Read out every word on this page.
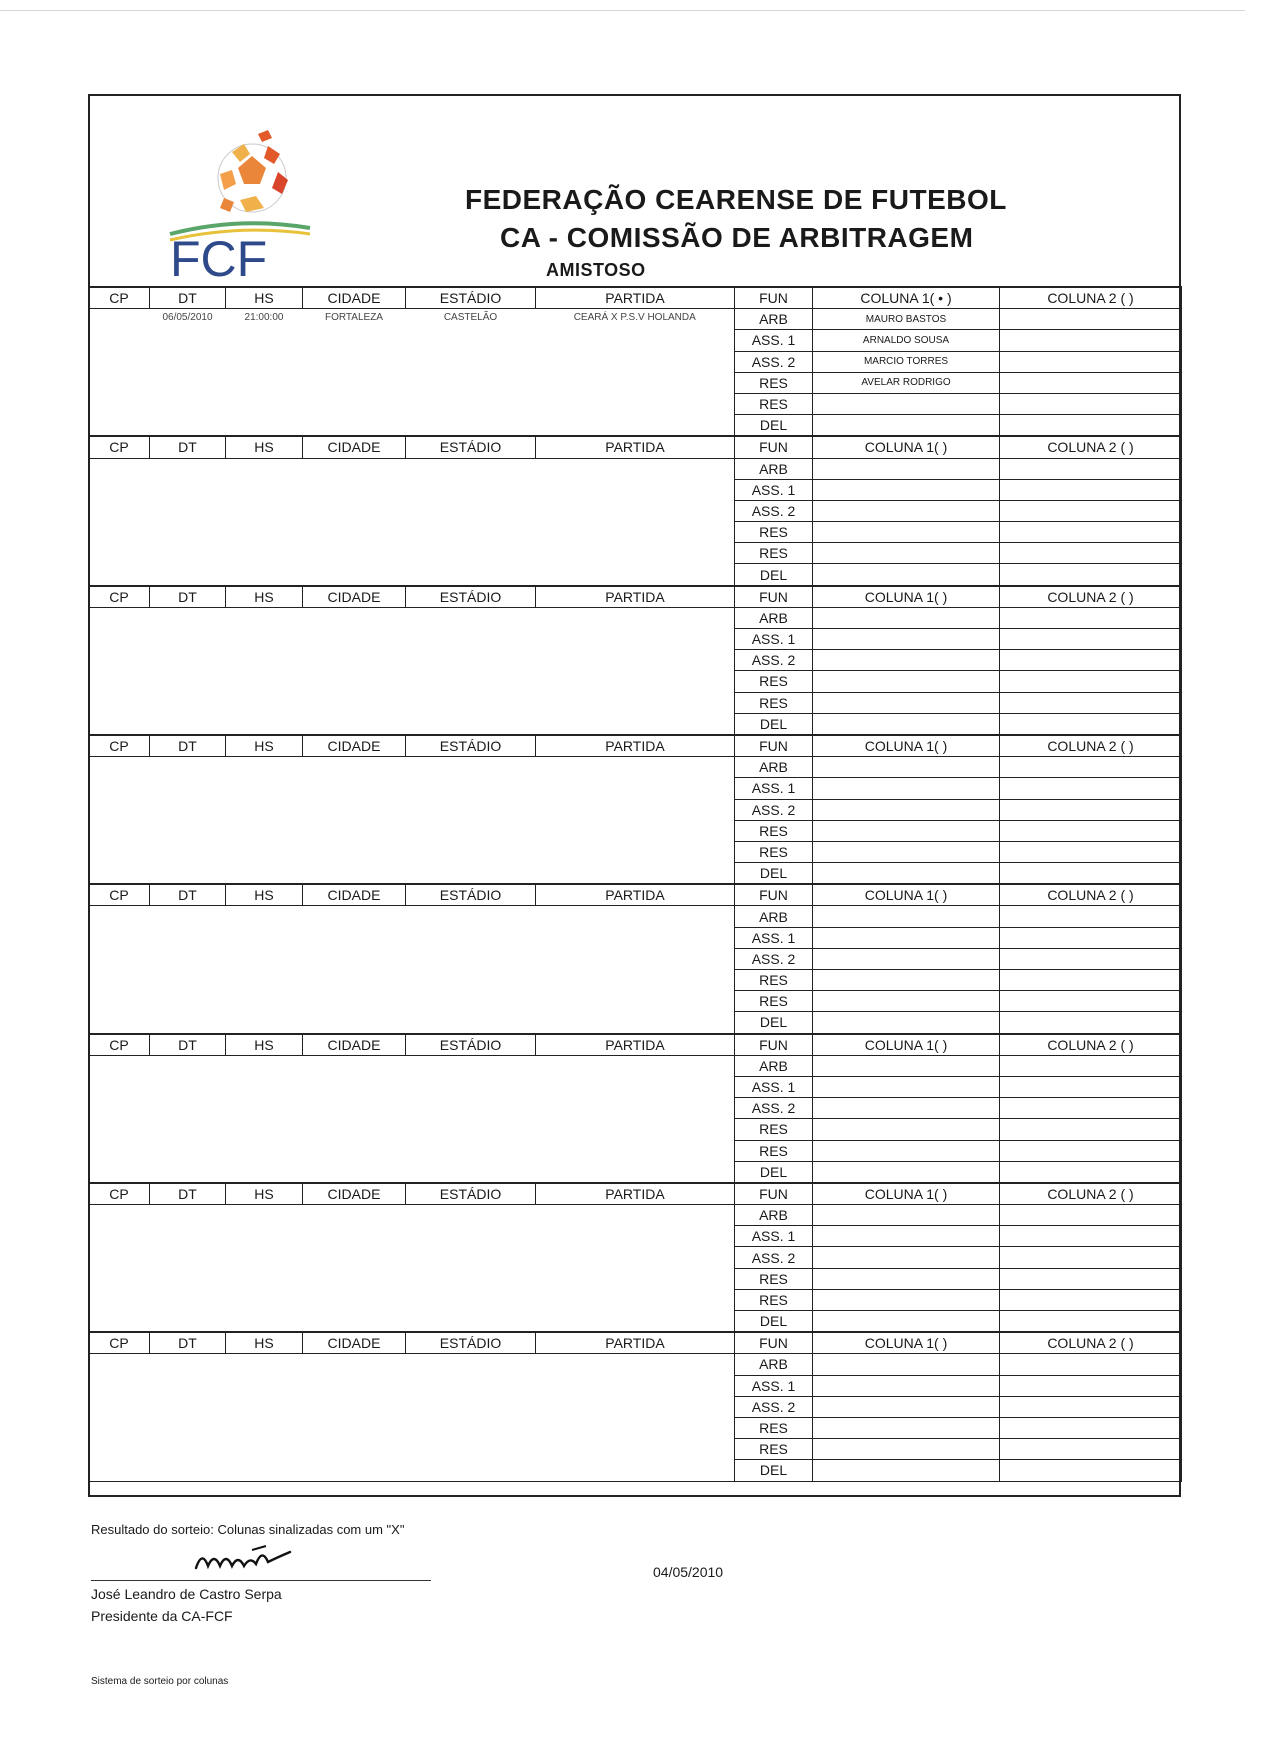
FCF
FEDERAÇÃO CEARENSE DE FUTEBOL
CA - COMISSÃO DE ARBITRAGEM
AMISTOSO
CP	DT	HS	CIDADE	ESTÁDIO	PARTIDA	FUN	COLUNA 1( • )	COLUNA 2 ( )
	06/05/2010	21:00:00	FORTALEZA	CASTELÃO	CEARÁ X P.S.V HOLANDA	ARB	MAURO BASTOS	
						ASS. 1	ARNALDO SOUSA	
						ASS. 2	MARCIO TORRES	
						RES	AVELAR RODRIGO	
						RES		
						DEL		
CP	DT	HS	CIDADE	ESTÁDIO	PARTIDA	FUN	COLUNA 1( )	COLUNA 2 ( )
						ARB		
						ASS. 1		
						ASS. 2		
						RES		
						RES		
						DEL		
CP	DT	HS	CIDADE	ESTÁDIO	PARTIDA	FUN	COLUNA 1( )	COLUNA 2 ( )
						ARB		
						ASS. 1		
						ASS. 2		
						RES		
						RES		
						DEL		
CP	DT	HS	CIDADE	ESTÁDIO	PARTIDA	FUN	COLUNA 1( )	COLUNA 2 ( )
						ARB		
						ASS. 1		
						ASS. 2		
						RES		
						RES		
						DEL		
CP	DT	HS	CIDADE	ESTÁDIO	PARTIDA	FUN	COLUNA 1( )	COLUNA 2 ( )
						ARB		
						ASS. 1		
						ASS. 2		
						RES		
						RES		
						DEL		
CP	DT	HS	CIDADE	ESTÁDIO	PARTIDA	FUN	COLUNA 1( )	COLUNA 2 ( )
						ARB		
						ASS. 1		
						ASS. 2		
						RES		
						RES		
						DEL		
CP	DT	HS	CIDADE	ESTÁDIO	PARTIDA	FUN	COLUNA 1( )	COLUNA 2 ( )
						ARB		
						ASS. 1		
						ASS. 2		
						RES		
						RES		
						DEL		
CP	DT	HS	CIDADE	ESTÁDIO	PARTIDA	FUN	COLUNA 1( )	COLUNA 2 ( )
						ARB		
						ASS. 1		
						ASS. 2		
						RES		
						RES		
						DEL		
Resultado do sorteio: Colunas sinalizadas com um "X"
José Leandro de Castro Serpa
Presidente da CA-FCF
04/05/2010
Sistema de sorteio por colunas
